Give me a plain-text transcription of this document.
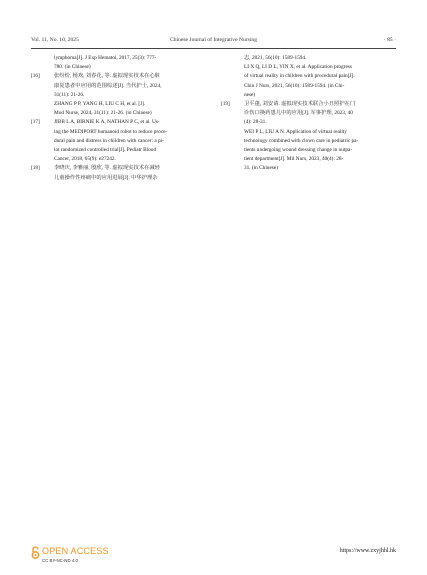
Vol. 11, No. 10, 2025	Chinese Journal of Integrative Nursing	· 85 ·
lymphoma[J]. J Exp Hematol, 2017, 25(3): 777-
780. (in Chinese)
[16]	张纷纷, 杨欢, 刘春花, 等. 虚拟现实技术在心脏
康复患者中应用的范围综述[J]. 当代护士, 2024,
31(11): 21-26.
ZHANG P P, YANG H, LIU C H, et al. [J].
Mod Nurse, 2024, 31(11): 21-26. (in Chinese)
[17]	JIBB L A, BIRNIE K A, NATHAN P C, et al. Us-
ing the MEDIPORT humanoid robot to reduce proce-
dural pain and distress in children with cancer: a pi-
lot randomized controlled trial[J]. Pediatr Blood
Cancer, 2018, 65(9): e27242.
[18]	李晓庆, 李雅丽, 殷欣, 等. 虚拟现实技术在减轻
儿童操作性疼痛中的应用进展[J]. 中华护理杂
志, 2021, 56(10): 1589-1594.
LI X Q, LI D L, YIN X, et al. Application progress
of virtual reality in children with procedural pain[J].
Chin J Nurs, 2021, 56(10): 1589-1594. (in Chi-
nese)
[19]	卫平蓬, 刘安请. 虚拟现实技术联合小丑照护在门
诊伤口换药患儿中的应用[J]. 军事护理, 2023, 40
(4): 28-31.
WEI P L, LIU A N. Application of virtual reality
technology combined with clown care in pediatric pa-
tients undergoing wound dressing change in outpa-
tient department[J]. Mil Nurs, 2023, 40(4): 28-
31. (in Chinese)
OPEN ACCESS
CC BY-NC-ND 4.0
https://www.zxyjhhl.hk
